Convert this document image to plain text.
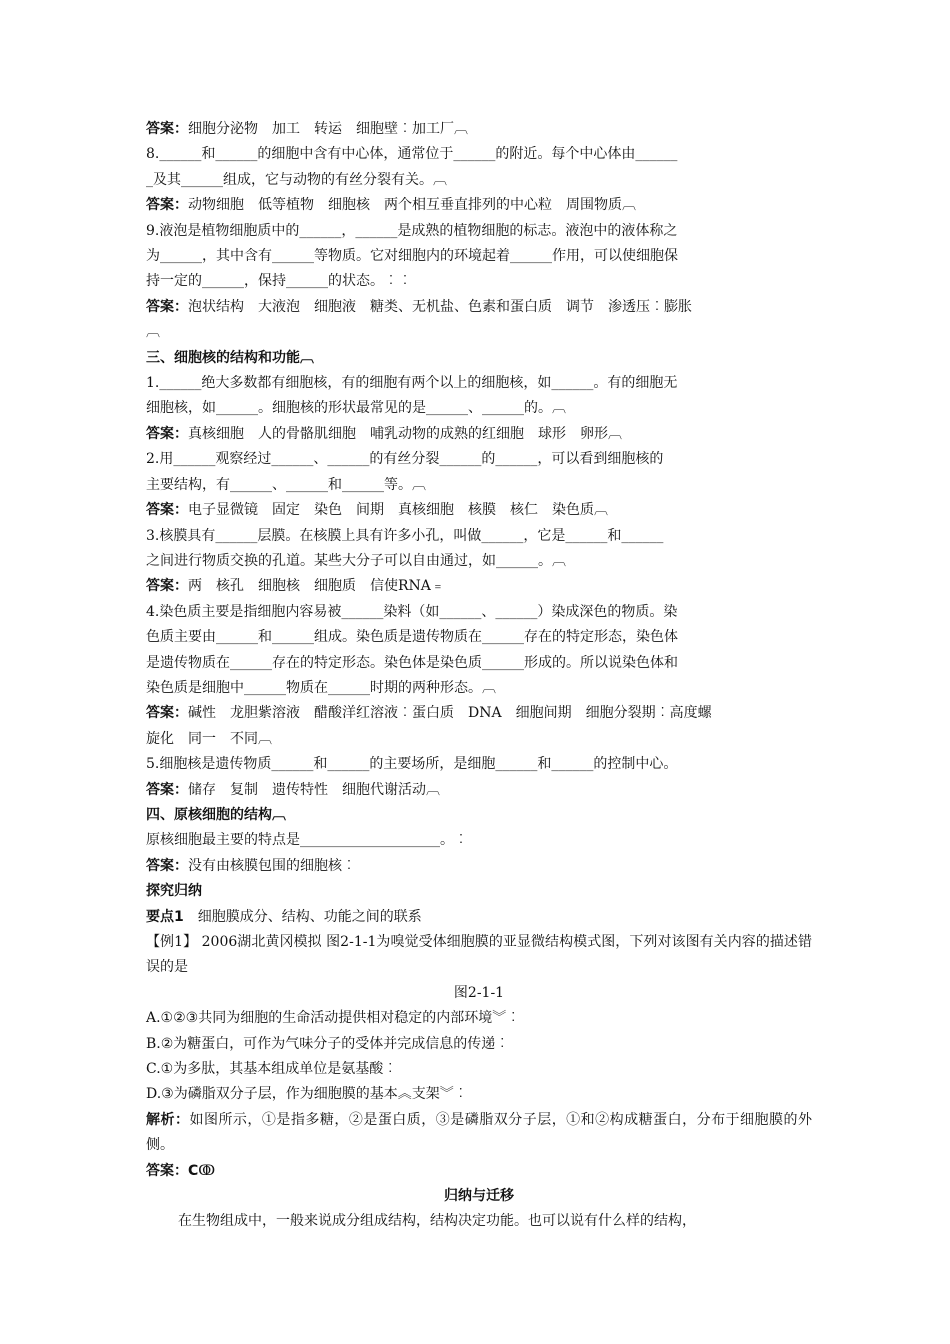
答案：细胞分泌物　加工　转运　细胞壁︰加工厂︹
8.______和______的细胞中含有中心体，通常位于______的附近。每个中心体由______
_及其______组成，它与动物的有丝分裂有关。︹
答案：动物细胞　低等植物　细胞核　两个相互垂直排列的中心粒　周围物质︹
9.液泡是植物细胞质中的______，______是成熟的植物细胞的标志。液泡中的液体称之
为______，其中含有______等物质。它对细胞内的环境起着______作用，可以使细胞保
持一定的______，保持______的状态。︰︰
答案：泡状结构　大液泡　细胞液　糖类、无机盐、色素和蛋白质　调节　渗透压︰膨胀
︹
三、细胞核的结构和功能︹
1.______绝大多数都有细胞核，有的细胞有两个以上的细胞核，如______。有的细胞无
细胞核，如______。细胞核的形状最常见的是______、______的。︹
答案：真核细胞　人的骨骼肌细胞　哺乳动物的成熟的红细胞　球形　卵形︹
2.用______观察经过______、______的有丝分裂______的______，可以看到细胞核的
主要结构，有______、______和______等。︹
答案：电子显微镜　固定　染色　间期　真核细胞　核膜　核仁　染色质︹
3.核膜具有______层膜。在核膜上具有许多小孔，叫做______，它是______和______
之间进行物质交换的孔道。某些大分子可以自由通过，如______。︹
答案：两　核孔　细胞核　细胞质　信使RNA﹦
4.染色质主要是指细胞内容易被______染料（如______、______）染成深色的物质。染
色质主要由______和______组成。染色质是遗传物质在______存在的特定形态，染色体
是遗传物质在______存在的特定形态。染色体是染色质______形成的。所以说染色体和
染色质是细胞中______物质在______时期的两种形态。︹
答案：碱性　龙胆紫溶液　醋酸洋红溶液︰蛋白质　DNA　细胞间期　细胞分裂期︰高度螺
旋化　同一　不同︹
5.细胞核是遗传物质______和______的主要场所，是细胞______和______的控制中心。
答案：储存　复制　遗传特性　细胞代谢活动︹
四、原核细胞的结构︹
原核细胞最主要的特点是____________________。︰
答案：没有由核膜包围的细胞核︰
探究归纳
要点1　细胞膜成分、结构、功能之间的联系
【例1】 2006湖北黄冈模拟 图2-1-1为嗅觉受体细胞膜的亚显微结构模式图，下列对该图有关内容的描述错误的是
图2-1-1
A.①②③共同为细胞的生命活动提供相对稳定的内部环境︾︰
B.②为糖蛋白，可作为气味分子的受体并完成信息的传递︰
C.①为多肽，其基本组成单位是氨基酸︰
D.③为磷脂双分子层，作为细胞膜的基本︽支架︾︰
解析：如图所示，①是指多糖，②是蛋白质，③是磷脂双分子层，①和②构成糖蛋白，分布于细胞膜的外侧。
答案：Cↂ
归纳与迁移
在生物组成中，一般来说成分组成结构，结构决定功能。也可以说有什么样的结构，
